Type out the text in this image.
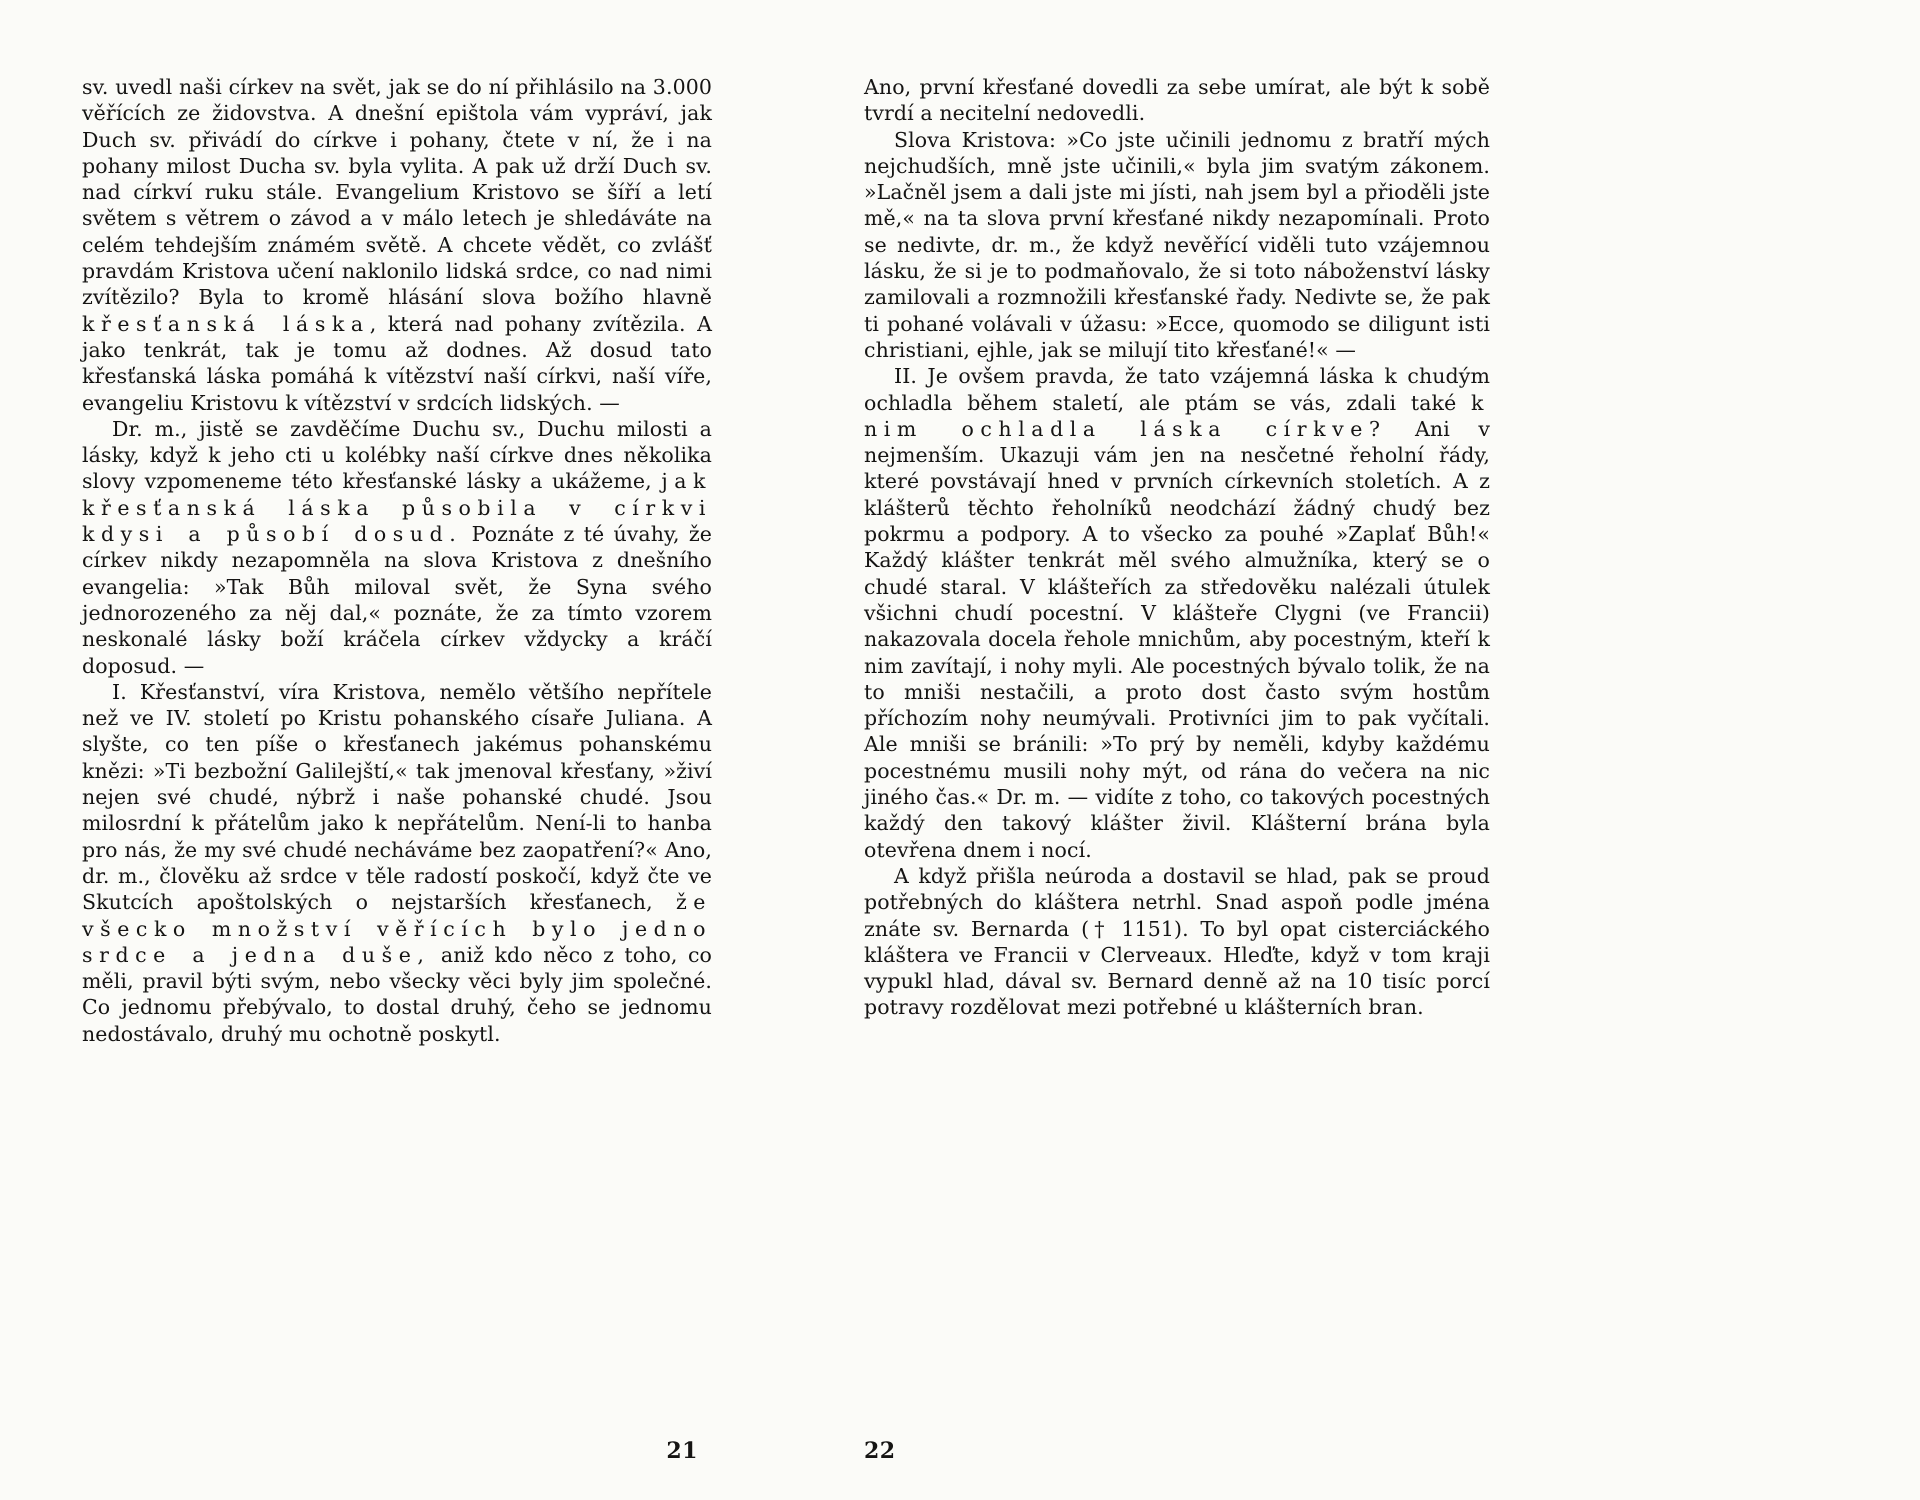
sv. uvedl naši církev na svět, jak se do ní přihlásilo na 3.000 věřících ze židovstva. A dnešní epištola vám vypráví, jak Duch sv. přivádí do církve i pohany, čtete v ní, že i na pohany milost Ducha sv. byla vylita. A pak už drží Duch sv. nad církví ruku stále. Evangelium Kristovo se šíří a letí světem s větrem o závod a v málo letech je shledáváte na celém tehdejším známém světě. A chcete vědět, co zvlášť pravdám Kristova učení naklonilo lidská srdce, co nad nimi zvítězilo? Byla to kromě hlásání slova božího hlavně křesťanská láska, která nad pohany zvítězila. A jako tenkrát, tak je tomu až dodnes. Až dosud tato křesťanská láska pomáhá k vítězství naší církvi, naší víře, evangeliu Kristovu k vítězství v srdcích lidských. —

Dr. m., jistě se zavděčíme Duchu sv., Duchu milosti a lásky, když k jeho cti u kolébky naší církve dnes několika slovy vzpomeneme této křesťanské lásky a ukážeme, jak křesťanská láska působila v církvi kdysi a působí dosud. Poznáte z té úvahy, že církev nikdy nezapomněla na slova Kristova z dnešního evangelia: »Tak Bůh miloval svět, že Syna svého jednorozeného za něj dal,« poznáte, že za tímto vzorem neskonalé lásky boží kráčela církev vždycky a kráčí doposud. —

I. Křesťanství, víra Kristova, nemělo většího nepřítele než ve IV. století po Kristu pohanského císaře Juliana. A slyšte, co ten píše o křesťanech jakémus pohanskému knězi: »Ti bezbožní Galilejští,« tak jmenoval křesťany, »živí nejen své chudé, nýbrž i naše pohanské chudé. Jsou milosrdní k přátelům jako k nepřátelům. Není-li to hanba pro nás, že my své chudé necháváme bez zaopatření?« Ano, dr. m., člověku až srdce v těle radostí poskočí, když čte ve Skutcích apoštolských o nejstarších křesťanech, že všecko množství věřících bylo jedno srdce a jedna duše, aniž kdo něco z toho, co měli, pravil býti svým, nebo všecky věci byly jim společné. Co jednomu přebývalo, to dostal druhý, čeho se jednomu nedostávalo, druhý mu ochotně poskytl.

21

Ano, první křesťané dovedli za sebe umírat, ale být k sobě tvrdí a necitelní nedovedli.

Slova Kristova: »Co jste učinili jednomu z bratří mých nejchudších, mně jste učinili,« byla jim svatým zákonem. »Lačněl jsem a dali jste mi jísti, nah jsem byl a přioděli jste mě,« na ta slova první křesťané nikdy nezapomínali. Proto se nedivte, dr. m., že když nevěřící viděli tuto vzájemnou lásku, že si je to podmaňovalo, že si toto náboženství lásky zamilovali a rozmnožili křesťanské řady. Nedivte se, že pak ti pohané volávali v úžasu: »Ecce, quomodo se diligunt isti christiani, ejhle, jak se milují tito křesťané!« —

II. Je ovšem pravda, že tato vzájemná láska k chudým ochladla během staletí, ale ptám se vás, zdali také k nim ochladla láska církve? Ani v nejmenším. Ukazuji vám jen na nesčetné řeholní řády, které povstávají hned v prvních církevních stoletích. A z klášterů těchto řeholníků neodchází žádný chudý bez pokrmu a podpory. A to všecko za pouhé »Zaplať Bůh!« Každý klášter tenkrát měl svého almužníka, který se o chudé staral. V klášteřích za středověku nalézali útulek všichni chudí pocestní. V klášteře Clygni (ve Francii) nakazovala docela řehole mnichům, aby pocestným, kteří k nim zavítají, i nohy myli. Ale pocestných bývalo tolik, že na to mniši nestačili, a proto dost často svým hostům příchozím nohy neumývali. Protivníci jim to pak vyčítali. Ale mniši se bránili: »To prý by neměli, kdyby každému pocestnému musili nohy mýt, od rána do večera na nic jiného čas.« Dr. m. — vidíte z toho, co takových pocestných každý den takový klášter živil. Klášterní brána byla otevřena dnem i nocí.

A když přišla neúroda a dostavil se hlad, pak se proud potřebných do kláštera netrhl. Snad aspoň podle jména znáte sv. Bernarda († 1151). To byl opat cisterciáckého kláštera ve Francii v Clerveaux. Hleďte, když v tom kraji vypukl hlad, dával sv. Bernard denně až na 10 tisíc porcí potravy rozdělovat mezi potřebné u klášterních bran.

22
